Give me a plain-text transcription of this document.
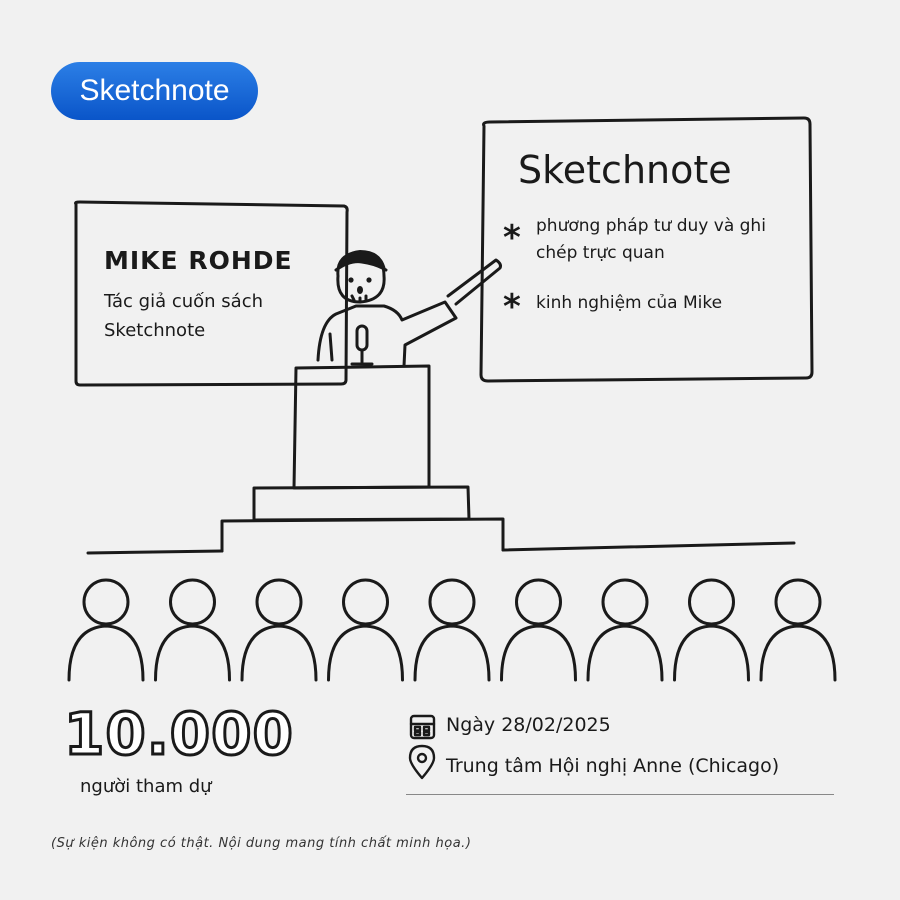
Sketchnote
MIKE ROHDE
Tác giả cuốn sách Sketchnote
Sketchnote
* phương pháp tư duy và ghi chép trực quan
* kinh nghiệm của Mike
10.000
người tham dự
Ngày 28/02/2025
Trung tâm Hội nghị Anne (Chicago)
(Sự kiện không có thật. Nội dung mang tính chất minh họa.)
